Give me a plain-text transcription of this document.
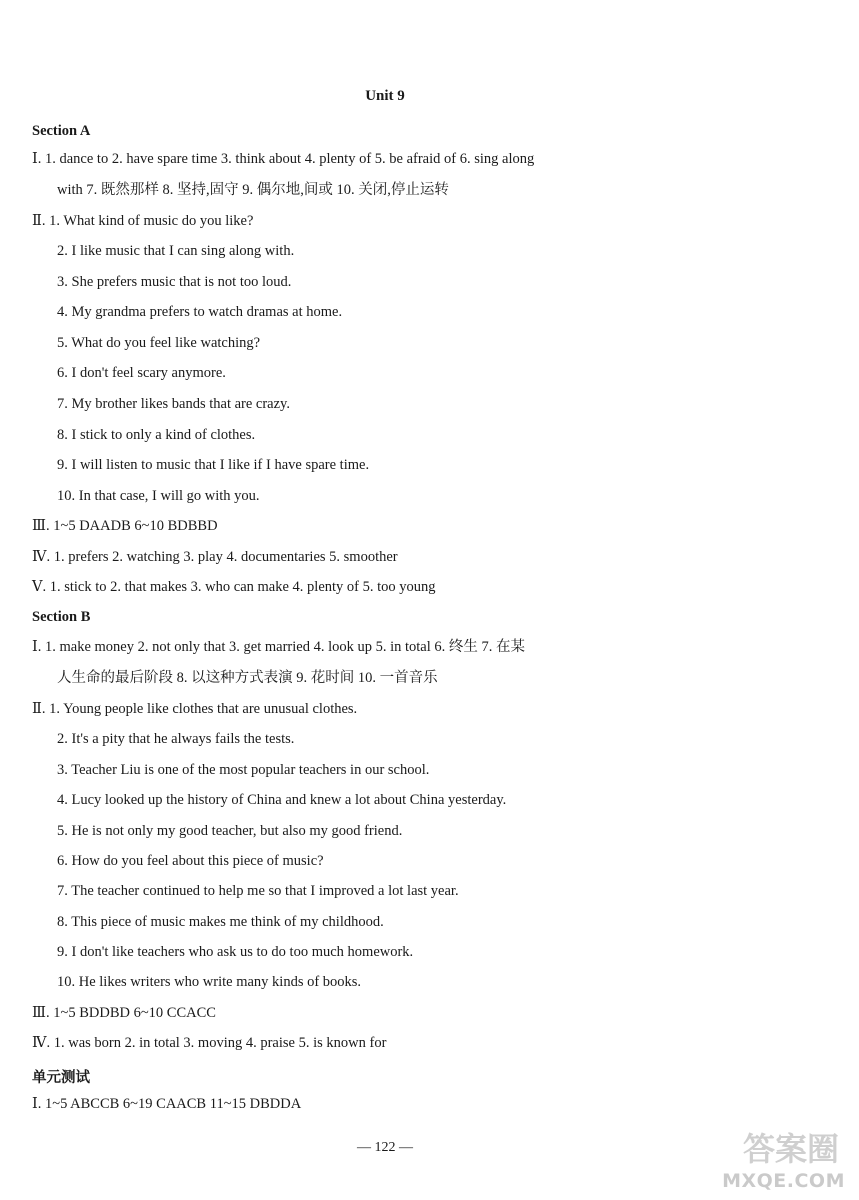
Unit 9
Section A
Ⅰ. 1. dance to 2. have spare time 3. think about 4. plenty of 5. be afraid of 6. sing along
with 7. 既然那样 8. 坚持,固守 9. 偶尔地,间或 10. 关闭,停止运转
Ⅱ. 1. What kind of music do you like?
2. I like music that I can sing along with.
3. She prefers music that is not too loud.
4. My grandma prefers to watch dramas at home.
5. What do you feel like watching?
6. I don't feel scary anymore.
7. My brother likes bands that are crazy.
8. I stick to only a kind of clothes.
9. I will listen to music that I like if I have spare time.
10. In that case, I will go with you.
Ⅲ. 1~5 DAADB 6~10 BDBBD
Ⅳ. 1. prefers 2. watching 3. play 4. documentaries 5. smoother
Ⅴ. 1. stick to 2. that makes 3. who can make 4. plenty of 5. too young
Section B
Ⅰ. 1. make money 2. not only that 3. get married 4. look up 5. in total 6. 终生 7. 在某
人生命的最后阶段 8. 以这种方式表演 9. 花时间 10. 一首音乐
Ⅱ. 1. Young people like clothes that are unusual clothes.
2. It's a pity that he always fails the tests.
3. Teacher Liu is one of the most popular teachers in our school.
4. Lucy looked up the history of China and knew a lot about China yesterday.
5. He is not only my good teacher, but also my good friend.
6. How do you feel about this piece of music?
7. The teacher continued to help me so that I improved a lot last year.
8. This piece of music makes me think of my childhood.
9. I don't like teachers who ask us to do too much homework.
10. He likes writers who write many kinds of books.
Ⅲ. 1~5 BDDBD 6~10 CCACC
Ⅳ. 1. was born 2. in total 3. moving 4. praise 5. is known for
单元测试
Ⅰ. 1~5 ABCCB 6~19 CAACB 11~15 DBDDA
— 122 —	答案圈
MXQE.COM
